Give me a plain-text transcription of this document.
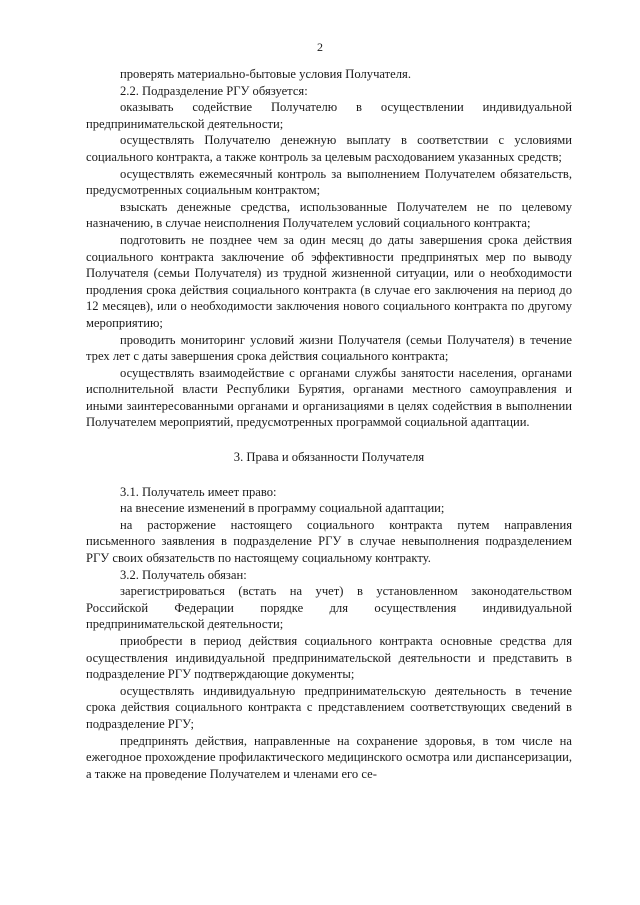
2

проверять материально-бытовые условия Получателя.

2.2. Подразделение РГУ обязуется:

оказывать содействие Получателю в осуществлении индивидуальной предпринимательской деятельности;

осуществлять Получателю денежную выплату в соответствии с условиями социального контракта, а также контроль за целевым расходованием указанных средств;

осуществлять ежемесячный контроль за выполнением Получателем обязательств, предусмотренных социальным контрактом;

взыскать денежные средства, использованные Получателем не по целевому назначению, в случае неисполнения Получателем условий социального контракта;

подготовить не позднее чем за один месяц до даты завершения срока действия социального контракта заключение об эффективности предпринятых мер по выводу Получателя (семьи Получателя) из трудной жизненной ситуации, или о необходимости продления срока действия социального контракта (в случае его заключения на период до 12 месяцев), или о необходимости заключения нового социального контракта по другому мероприятию;

проводить мониторинг условий жизни Получателя (семьи Получателя) в течение трех лет с даты завершения срока действия социального контракта;

осуществлять взаимодействие с органами службы занятости населения, органами исполнительной власти Республики Бурятия, органами местного самоуправления и иными заинтересованными органами и организациями в целях содействия в выполнении Получателем мероприятий, предусмотренных программой социальной адаптации.

3. Права и обязанности Получателя

3.1. Получатель имеет право:

на внесение изменений в программу социальной адаптации;

на расторжение настоящего социального контракта путем направления письменного заявления в подразделение РГУ в случае невыполнения подразделением РГУ своих обязательств по настоящему социальному контракту.

3.2. Получатель обязан:

зарегистрироваться (встать на учет) в установленном законодательством Российской Федерации порядке для осуществления индивидуальной предпринимательской деятельности;

приобрести в период действия социального контракта основные средства для осуществления индивидуальной предпринимательской деятельности и представить в подразделение РГУ подтверждающие документы;

осуществлять индивидуальную предпринимательскую деятельность в течение срока действия социального контракта с представлением соответствующих сведений в подразделение РГУ;

предпринять действия, направленные на сохранение здоровья, в том числе на ежегодное прохождение профилактического медицинского осмотра или диспансеризации, а также на проведение Получателем и членами его се-
